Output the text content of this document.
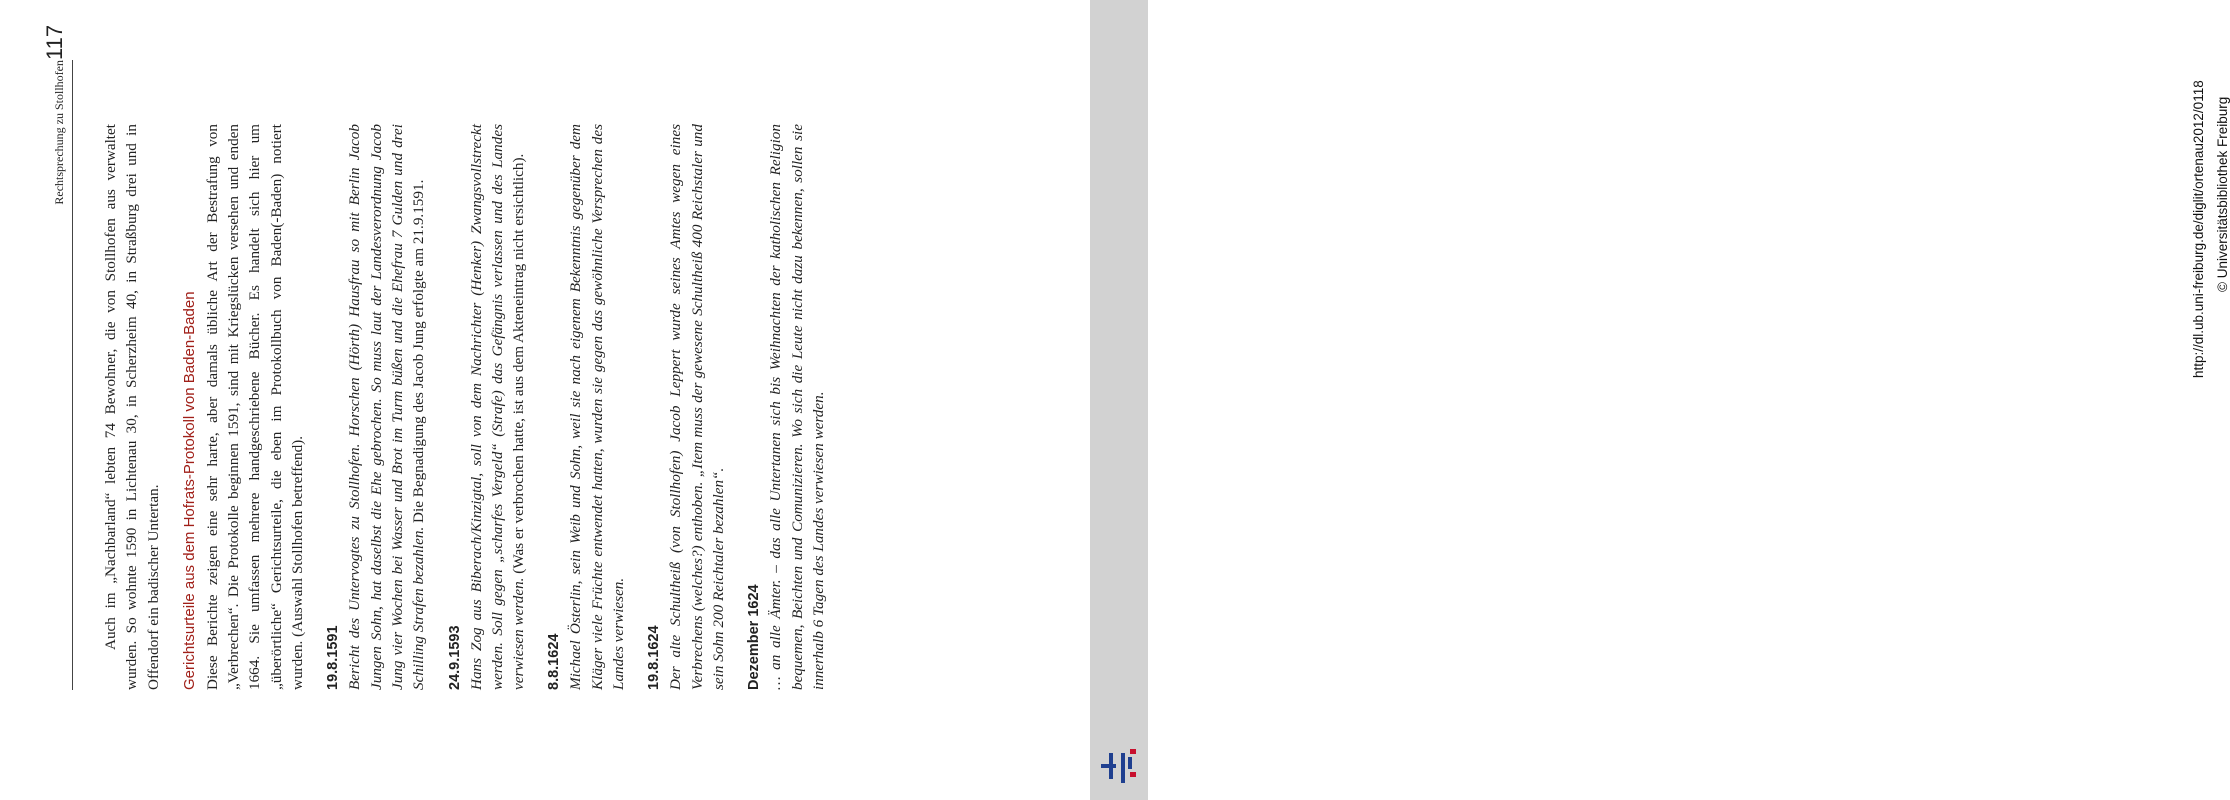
Rechtsprechung zu Stollhofen
117

Auch im „Nachbarland“ lebten 74 Bewohner, die von Stollhofen aus verwaltet wurden. So wohnte 1590 in Lichtenau 30, in Scherzheim 40, in Straßburg drei und in Offendorf ein badischer Untertan. Gerichtsurteile aus dem Hofrats-Protokoll von Baden-Baden Diese Berichte zeigen eine sehr harte, aber damals übliche Art der Bestrafung von „Verbrechen“. Die Protokolle beginnen 1591, sind mit Kriegslücken versehen und enden 1664. Sie umfassen mehrere handgeschriebene Bücher. Es handelt sich hier um „überörtliche“ Gerichtsurteile, die eben im Protokollbuch von Baden(-Baden) notiert wurden. (Auswahl Stollhofen betreffend). 19.8.1591 Bericht des Untervogtes zu Stollhofen. Horschen (Hörth) Hausfrau so mit Berlin Jacob Jungen Sohn, hat daselbst die Ehe gebrochen. So muss laut der Landesverordnung Jacob Jung vier Wochen bei Wasser und Brot im Turm büßen und die Ehefrau 7 Gulden und drei Schilling Strafen bezahlen. Die Begnadigung des Jacob Jung erfolgte am 21.9.1591.

24.9.1593 Hans Zog aus Biberach/Kinzigtal, soll von dem Nachrichter (Henker) Zwangsvollstreckt werden. Soll gegen „scharfes Vergeld“ (Strafe) das Gefängnis verlassen und des Landes verwiesen werden. (Was er verbrochen hatte, ist aus dem Akteneintrag nicht ersichtlich).

8.8.1624 Michael Österlin, sein Weib und Sohn, weil sie nach eigenem Bekenntnis gegenüber dem Kläger viele Früchte entwendet hatten, wurden sie gegen das gewöhnliche Versprechen des Landes verwiesen. 19.8.1624 Der alte Schultheiß (von Stollhofen) Jacob Leppert wurde seines Amtes wegen eines Verbrechens (welches?) enthoben. „Item muss der gewesene Schultheiß 400 Reichstaler und sein Sohn 200 Reichtaler bezahlen“. Dezember 1624 … an alle Ämter. – das alle Untertanen sich bis Weihnachten der katholischen Religion bequemen, Beichten und Comunizieren. Wo sich die Leute nicht dazu bekennen, sollen sie innerhalb 6 Tagen des Landes verwiesen werden.

http://dl.ub.uni-freiburg.de/diglit/ortenau2012/0118 © Universitätsbibliothek Freiburg
